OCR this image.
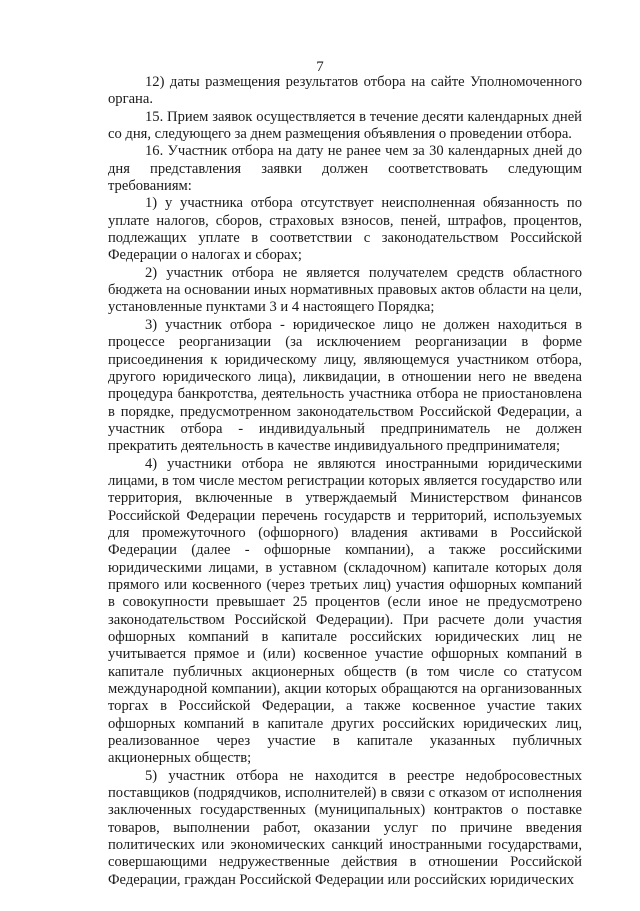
7

12) даты размещения результатов отбора на сайте Уполномоченного органа.

15. Прием заявок осуществляется в течение десяти календарных дней со дня, следующего за днем размещения объявления о проведении отбора.

16. Участник отбора на дату не ранее чем за 30 календарных дней до дня представления заявки должен соответствовать следующим требованиям:

1) у участника отбора отсутствует неисполненная обязанность по уплате налогов, сборов, страховых взносов, пеней, штрафов, процентов, подлежащих уплате в соответствии с законодательством Российской Федерации о налогах и сборах;

2) участник отбора не является получателем средств областного бюджета на основании иных нормативных правовых актов области на цели, установленные пунктами 3 и 4 настоящего Порядка;

3) участник отбора - юридическое лицо не должен находиться в процессе реорганизации (за исключением реорганизации в форме присоединения к юридическому лицу, являющемуся участником отбора, другого юридического лица), ликвидации, в отношении него не введена процедура банкротства, деятельность участника отбора не приостановлена в порядке, предусмотренном законодательством Российской Федерации, а участник отбора - индивидуальный предприниматель не должен прекратить деятельность в качестве индивидуального предпринимателя;

4) участники отбора не являются иностранными юридическими лицами, в том числе местом регистрации которых является государство или территория, включенные в утверждаемый Министерством финансов Российской Федерации перечень государств и территорий, используемых для промежуточного (офшорного) владения активами в Российской Федерации (далее - офшорные компании), а также российскими юридическими лицами, в уставном (складочном) капитале которых доля прямого или косвенного (через третьих лиц) участия офшорных компаний в совокупности превышает 25 процентов (если иное не предусмотрено законодательством Российской Федерации). При расчете доли участия офшорных компаний в капитале российских юридических лиц не учитывается прямое и (или) косвенное участие офшорных компаний в капитале публичных акционерных обществ (в том числе со статусом международной компании), акции которых обращаются на организованных торгах в Российской Федерации, а также косвенное участие таких офшорных компаний в капитале других российских юридических лиц, реализованное через участие в капитале указанных публичных акционерных обществ;

5) участник отбора не находится в реестре недобросовестных поставщиков (подрядчиков, исполнителей) в связи с отказом от исполнения заключенных государственных (муниципальных) контрактов о поставке товаров, выполнении работ, оказании услуг по причине введения политических или экономических санкций иностранными государствами, совершающими недружественные действия в отношении Российской Федерации, граждан Российской Федерации или российских юридических
